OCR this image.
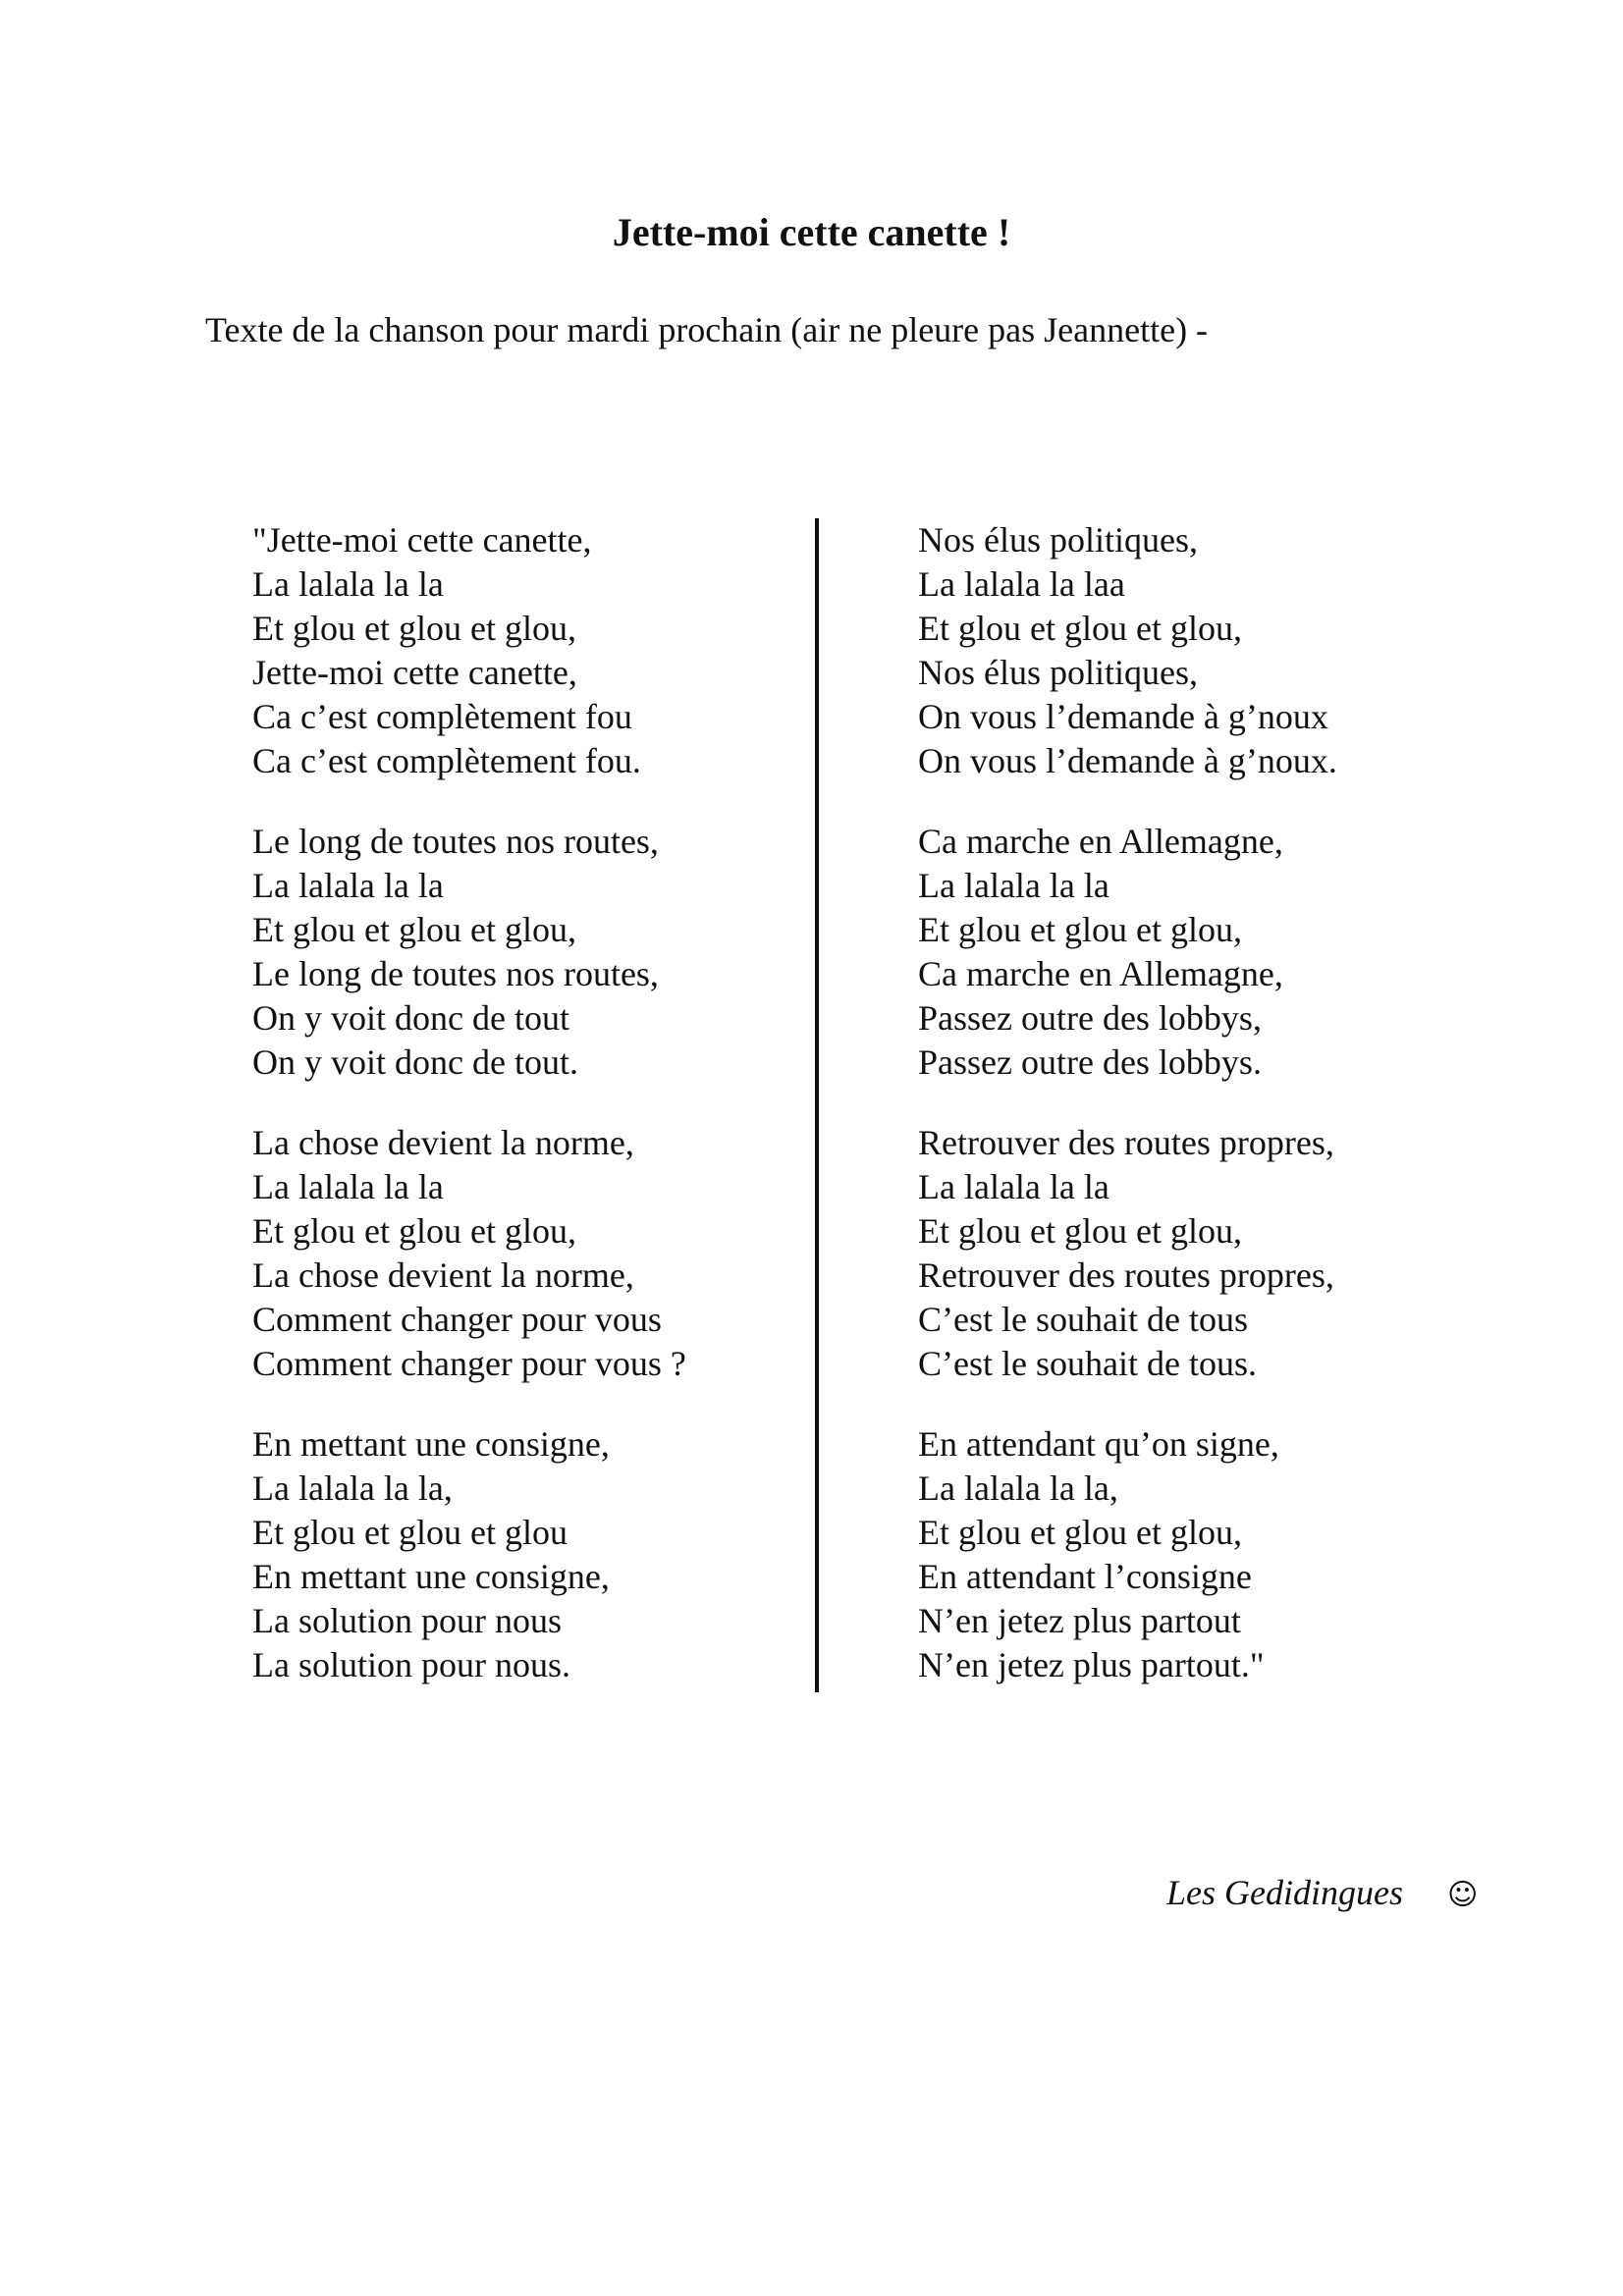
Jette-moi cette canette !
Texte de la chanson pour mardi prochain (air ne pleure pas Jeannette) -
"Jette-moi cette canette,
La lalala la la
Et glou et glou et glou,
Jette-moi cette canette,
Ca c’est complètement fou
Ca c’est complètement fou.
Le long de toutes nos routes,
La lalala la la
Et glou et glou et glou,
Le long de toutes nos routes,
On y voit donc de tout
On y voit donc de tout.
La chose devient la norme,
La lalala la la
Et glou et glou et glou,
La chose devient la norme,
Comment changer pour vous
Comment changer pour vous ?
En mettant une consigne,
La lalala la la,
Et glou et glou et glou
En mettant une consigne,
La solution pour nous
La solution pour nous.
Nos élus politiques,
La lalala la laa
Et glou et glou et glou,
Nos élus politiques,
On vous l’demande à g’noux
On vous l’demande à g’noux.
Ca marche en Allemagne,
La lalala la la
Et glou et glou et glou,
Ca marche en Allemagne,
Passez outre des lobbys,
Passez outre des lobbys.
Retrouver des routes propres,
La lalala la la
Et glou et glou et glou,
Retrouver des routes propres,
C’est le souhait de tous
C’est le souhait de tous.
En attendant qu’on signe,
La lalala la la,
Et glou et glou et glou,
En attendant l’consigne
N’en jetez plus partout
N’en jetez plus partout."
Les Gedidingues ☺
